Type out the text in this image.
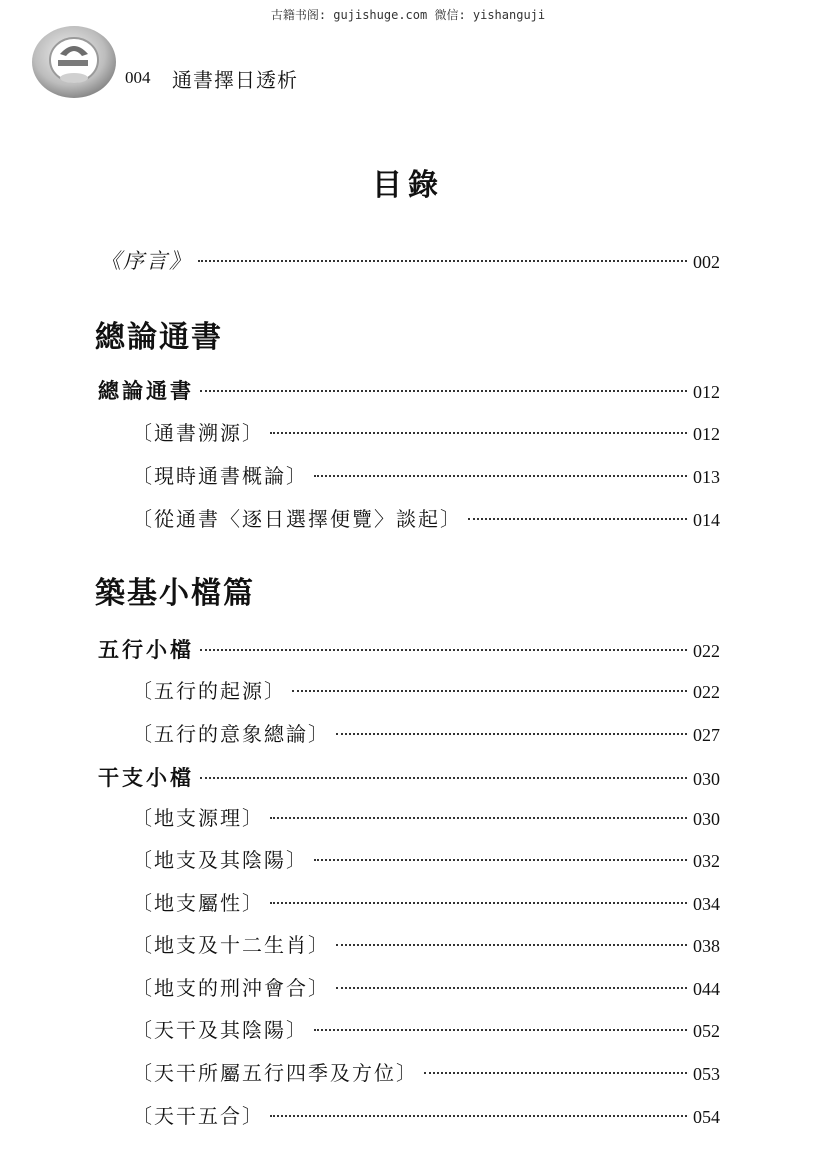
古籍书阁: gujishuge.com 微信: yishanguji
004 通書擇日透析
目錄
《序言》	002
總論通書
總論通書	012
〔通書溯源〕	012
〔現時通書概論〕	013
〔從通書〈逐日選擇便覽〉談起〕	014
築基小檔篇
五行小檔	022
〔五行的起源〕	022
〔五行的意象總論〕	027
干支小檔	030
〔地支源理〕	030
〔地支及其陰陽〕	032
〔地支屬性〕	034
〔地支及十二生肖〕	038
〔地支的刑沖會合〕	044
〔天干及其陰陽〕	052
〔天干所屬五行四季及方位〕	053
〔天干五合〕	054
